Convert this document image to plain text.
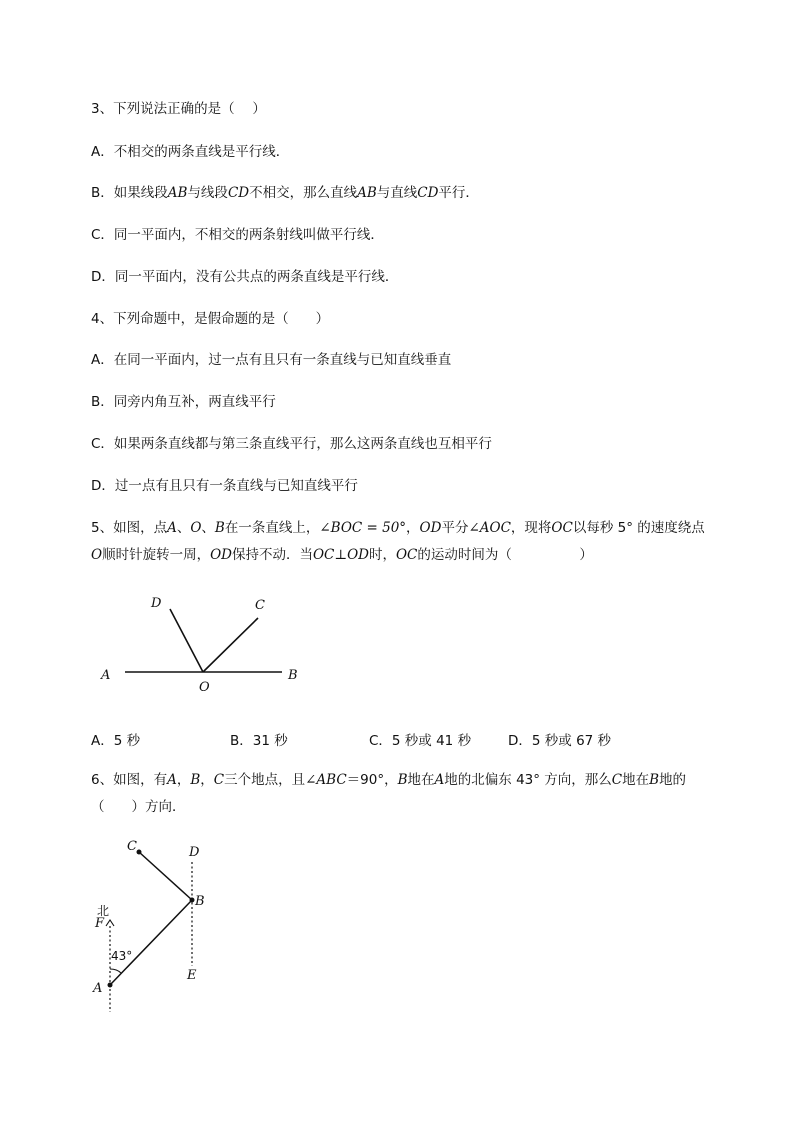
3、下列说法正确的是（　 ）
A．不相交的两条直线是平行线．
B．如果线段AB与线段CD不相交，那么直线AB与直线CD平行．
C．同一平面内，不相交的两条射线叫做平行线．
D．同一平面内，没有公共点的两条直线是平行线．
4、下列命题中，是假命题的是（　　）
A．在同一平面内，过一点有且只有一条直线与已知直线垂直
B．同旁内角互补，两直线平行
C．如果两条直线都与第三条直线平行，那么这两条直线也互相平行
D．过一点有且只有一条直线与已知直线平行
5、如图，点A、O、B在一条直线上，∠BOC = 50°，OD平分∠AOC，现将OC以每秒 5° 的速度绕点
O顺时针旋转一周，OD保持不动．当OC⊥OD时，OC的运动时间为（　　　　　）
A	B
O
C
D
C	D
B
E
F
北
43°
A
A．5 秒	B．31 秒	C．5 秒或 41 秒	D．5 秒或 67 秒
6、如图，有A，B，C三个地点，且∠ABC＝90°，B地在A地的北偏东 43° 方向，那么C地在B地的
（　　）方向．
